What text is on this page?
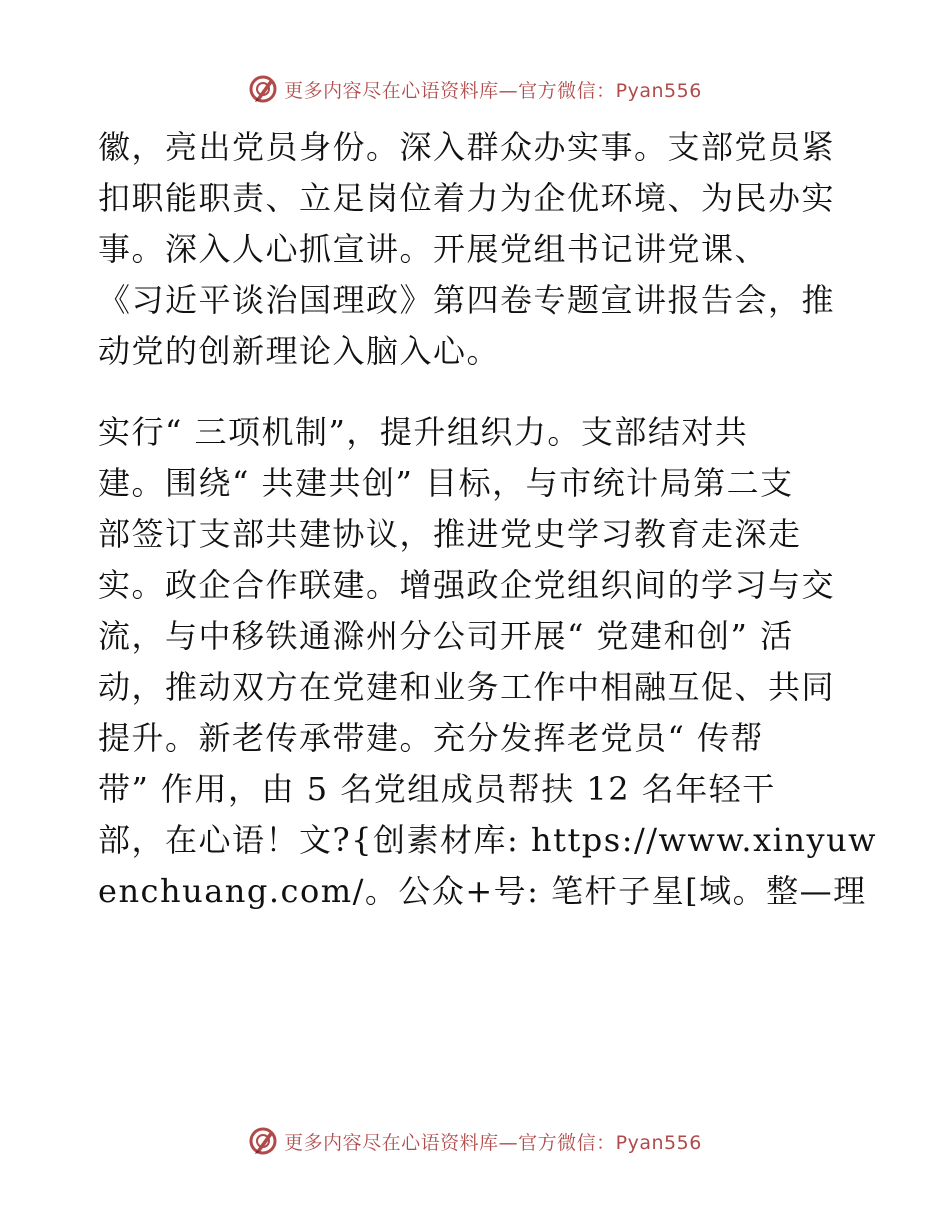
更多内容尽在心语资料库—官方微信：Pyan556
徽，亮出党员身份。深入群众办实事。支部党员紧
扣职能职责、立足岗位着力为企优环境、为民办实
事。深入人心抓宣讲。开展党组书记讲党课、
《习近平谈治国理政》第四卷专题宣讲报告会，推
动党的创新理论入脑入心。
实行“ 三项机制”，提升组织力。支部结对共
建。围绕“ 共建共创” 目标，与市统计局第二支
部签订支部共建协议，推进党史学习教育走深走
实。政企合作联建。增强政企党组织间的学习与交
流，与中移铁通滁州分公司开展“ 党建和创” 活
动，推动双方在党建和业务工作中相融互促、共同
提升。新老传承带建。充分发挥老党员“ 传帮
带” 作用，由 5 名党组成员帮扶 12 名年轻干
部，在心语！文?{创素材库: https://www.xinyuw
enchuang.com/。公众+号: 笔杆子星[域。整—理
更多内容尽在心语资料库—官方微信：Pyan556
